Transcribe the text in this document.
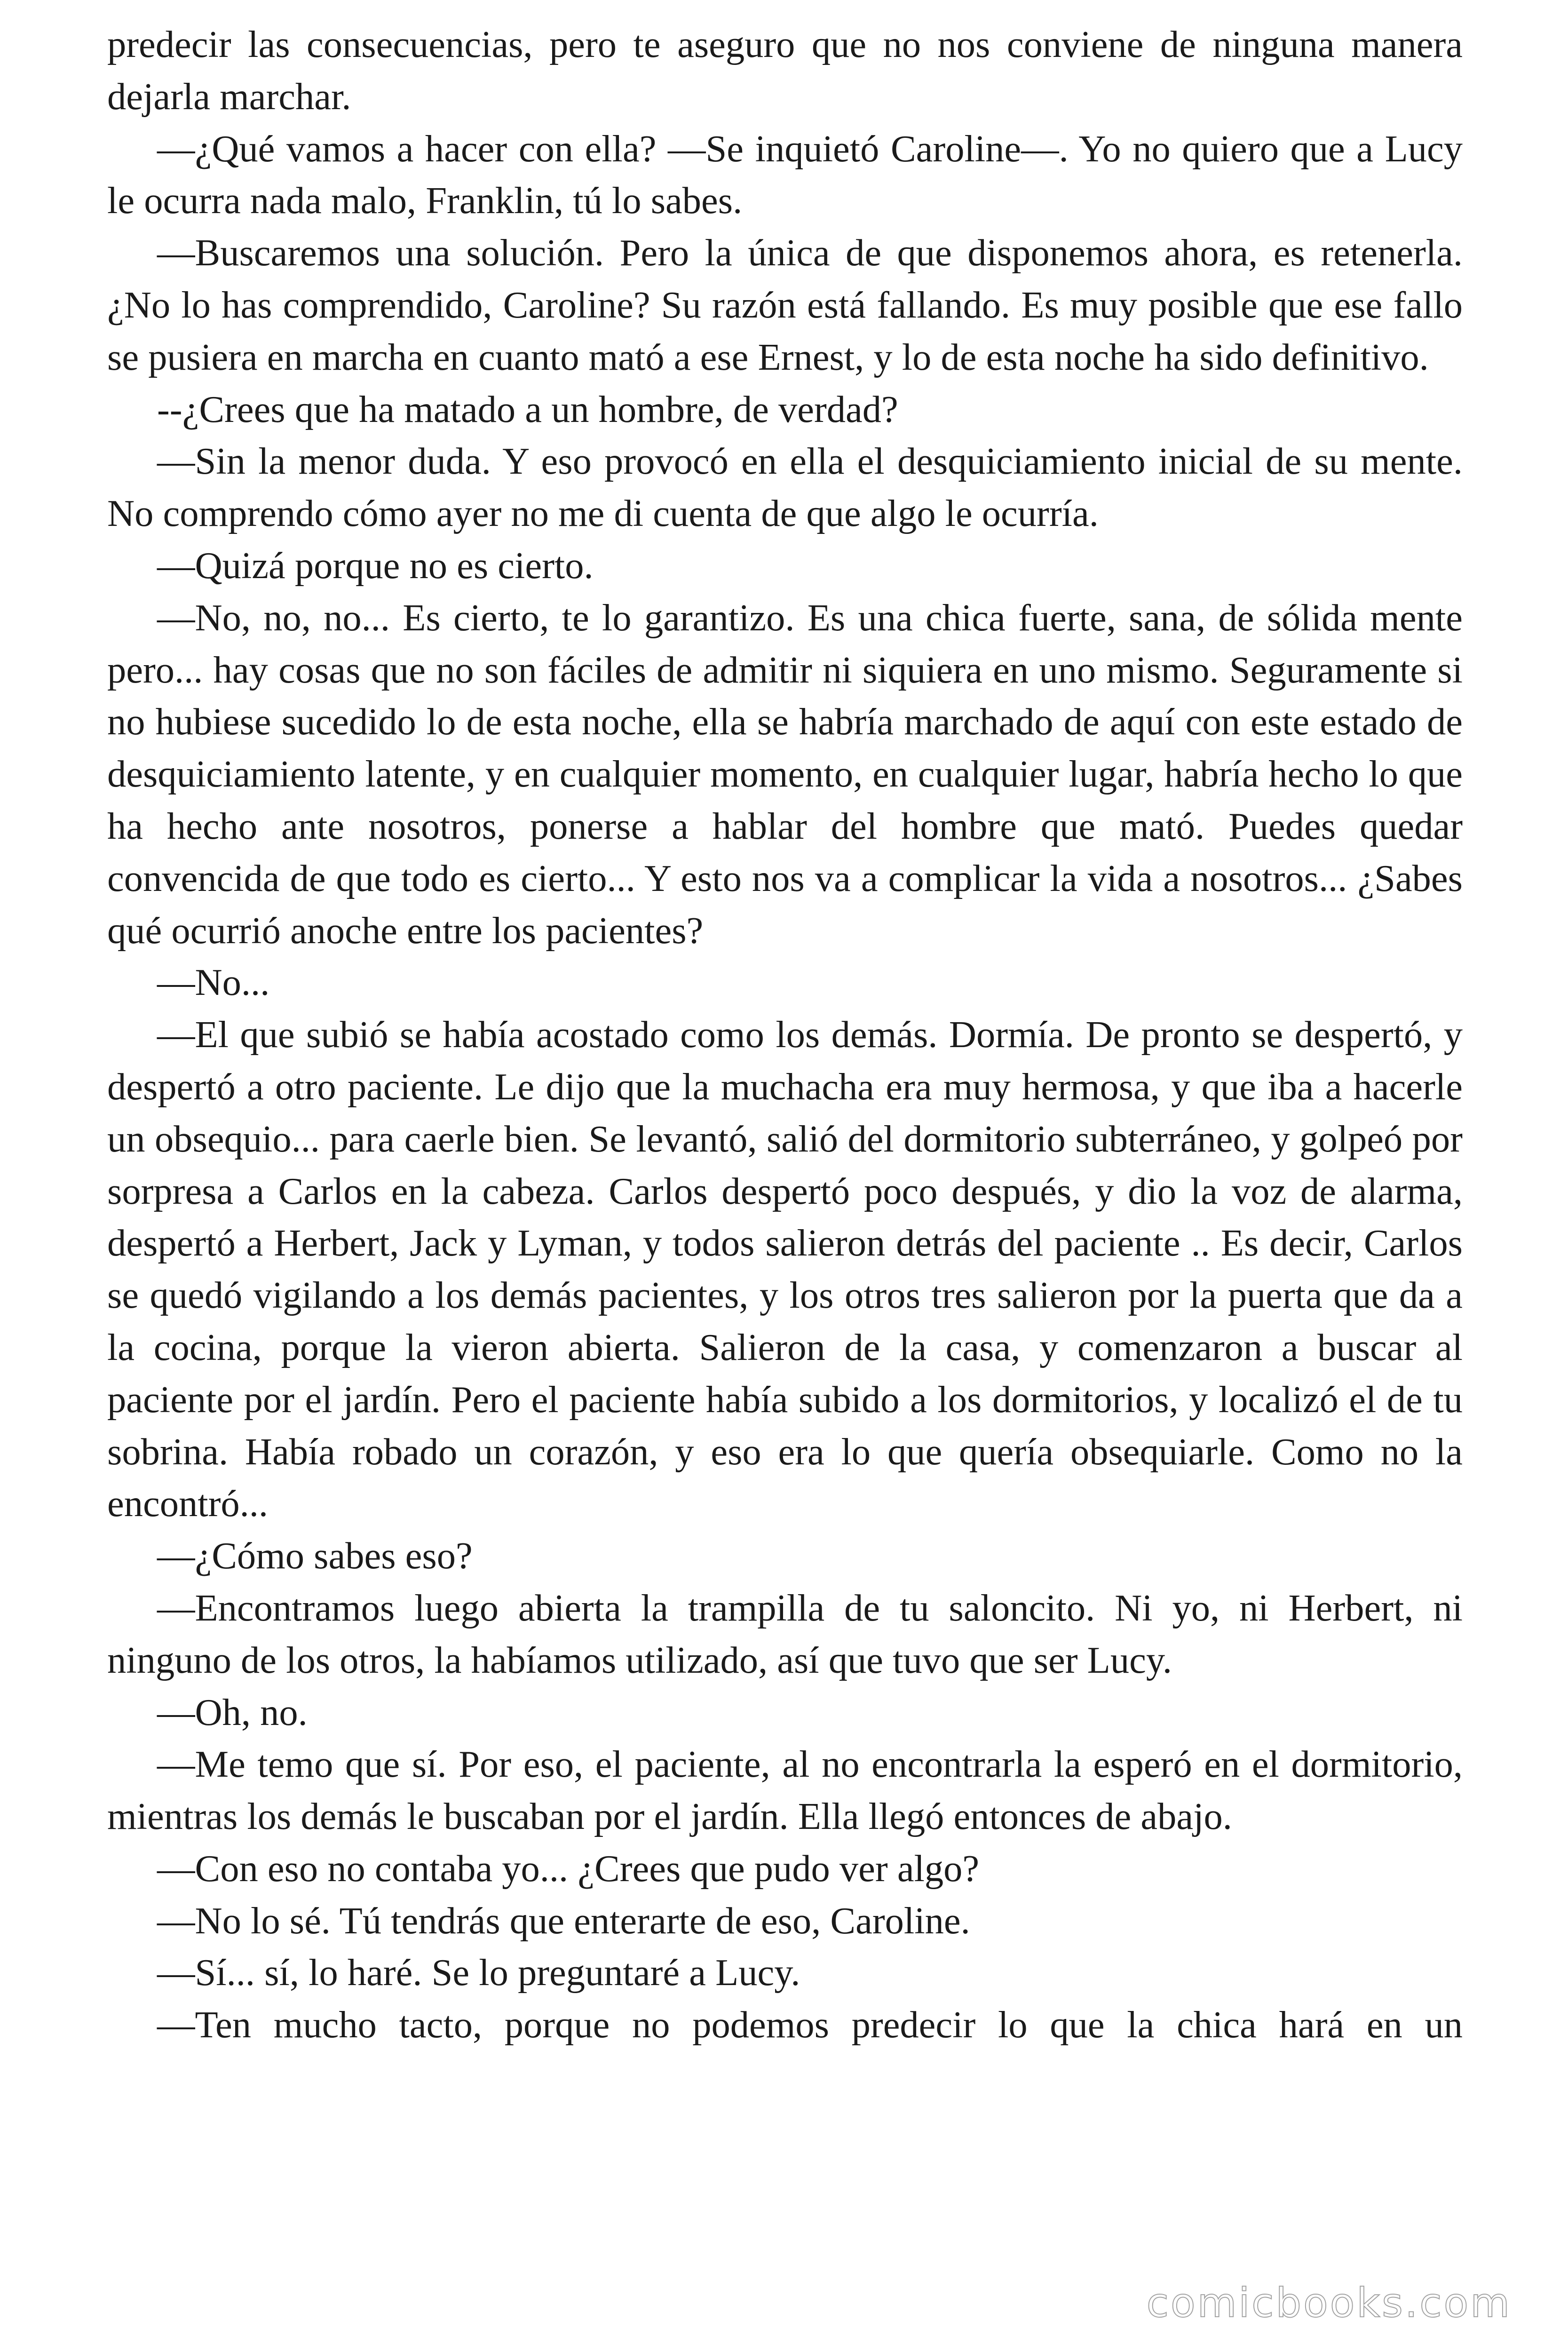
predecir las consecuencias, pero te aseguro que no nos conviene de ninguna manera dejarla marchar.

—¿Qué vamos a hacer con ella? —Se inquietó Caroline—. Yo no quiero que a Lucy le ocurra nada malo, Franklin, tú lo sabes.

—Buscaremos una solución. Pero la única de que disponemos ahora, es retenerla. ¿No lo has comprendido, Caroline? Su razón está fallando. Es muy posible que ese fallo se pusiera en marcha en cuanto mató a ese Ernest, y lo de esta noche ha sido definitivo.

--¿Crees que ha matado a un hombre, de verdad?

—Sin la menor duda. Y eso provocó en ella el desquiciamiento inicial de su mente. No comprendo cómo ayer no me di cuenta de que algo le ocurría.

—Quizá porque no es cierto.

—No, no, no... Es cierto, te lo garantizo. Es una chica fuerte, sana, de sólida mente pero... hay cosas que no son fáciles de admitir ni siquiera en uno mismo. Seguramente si no hubiese sucedido lo de esta noche, ella se habría marchado de aquí con este estado de desquiciamiento latente, y en cualquier momento, en cualquier lugar, habría hecho lo que ha hecho ante nosotros, ponerse a hablar del hombre que mató. Puedes quedar convencida de que todo es cierto... Y esto nos va a complicar la vida a nosotros... ¿Sabes qué ocurrió anoche entre los pacientes?

—No...

—El que subió se había acostado como los demás. Dormía. De pronto se despertó, y despertó a otro paciente. Le dijo que la muchacha era muy hermosa, y que iba a hacerle un obsequio... para caerle bien. Se levantó, salió del dormitorio subterráneo, y golpeó por sorpresa a Carlos en la cabeza. Carlos despertó poco después, y dio la voz de alarma, despertó a Herbert, Jack y Lyman, y todos salieron detrás del paciente .. Es decir, Carlos se quedó vigilando a los demás pacientes, y los otros tres salieron por la puerta que da a la cocina, porque la vieron abierta. Salieron de la casa, y comenzaron a buscar al paciente por el jardín. Pero el paciente había subido a los dormitorios, y localizó el de tu sobrina. Había robado un corazón, y eso era lo que quería obsequiarle. Como no la encontró...

—¿Cómo sabes eso?

—Encontramos luego abierta la trampilla de tu saloncito. Ni yo, ni Herbert, ni ninguno de los otros, la habíamos utilizado, así que tuvo que ser Lucy.

—Oh, no.

—Me temo que sí. Por eso, el paciente, al no encontrarla la esperó en el dormitorio, mientras los demás le buscaban por el jardín. Ella llegó entonces de abajo.

—Con eso no contaba yo... ¿Crees que pudo ver algo?

—No lo sé. Tú tendrás que enterarte de eso, Caroline.

—Sí... sí, lo haré. Se lo preguntaré a Lucy.

—Ten mucho tacto, porque no podemos predecir lo que la chica hará en un

comicbooks.com
